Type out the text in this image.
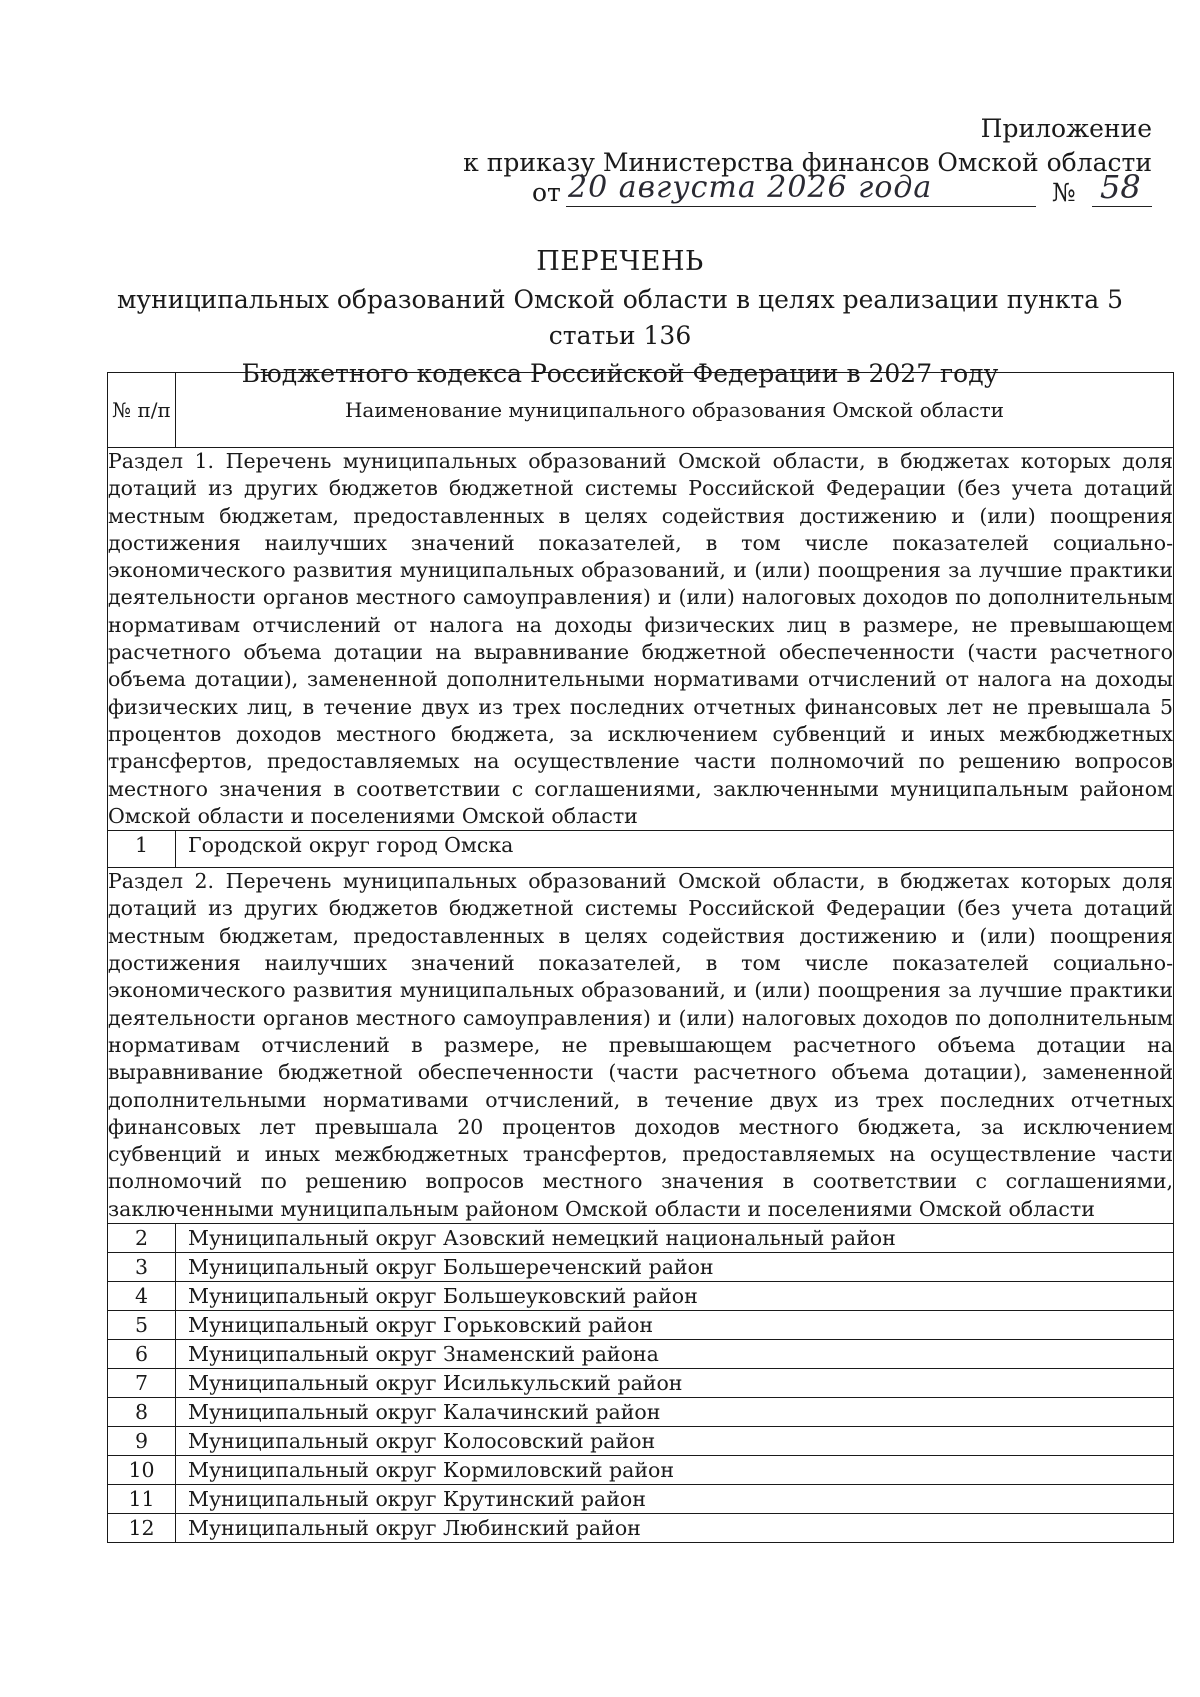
Приложение
к приказу Министерства финансов Омской области
от 20 августа 2026 года	№ 58
ПЕРЕЧЕНЬ
муниципальных образований Омской области в целях реализации пункта 5 статьи 136
Бюджетного кодекса Российской Федерации в 2027 году
№ п/п	Наименование муниципального образования Омской области
Раздел 1. Перечень муниципальных образований Омской области, в бюджетах которых доля дотаций из других бюджетов бюджетной системы Российской Федерации (без учета дотаций местным бюджетам, предоставленных в целях содействия достижению и (или) поощрения достижения наилучших значений показателей, в том числе показателей социально-экономического развития муниципальных образований, и (или) поощрения за лучшие практики деятельности органов местного самоуправления) и (или) налоговых доходов по дополнительным нормативам отчислений от налога на доходы физических лиц в размере, не превышающем расчетного объема дотации на выравнивание бюджетной обеспеченности (части расчетного объема дотации), замененной дополнительными нормативами отчислений от налога на доходы физических лиц, в течение двух из трех последних отчетных финансовых лет не превышала 5 процентов доходов местного бюджета, за исключением субвенций и иных межбюджетных трансфертов, предоставляемых на осуществление части полномочий по решению вопросов местного значения в соответствии с соглашениями, заключенными муниципальным районом Омской области и поселениями Омской области	
1	Городской округ город Омска
Раздел 2. Перечень муниципальных образований Омской области, в бюджетах которых доля дотаций из других бюджетов бюджетной системы Российской Федерации (без учета дотаций местным бюджетам, предоставленных в целях содействия достижению и (или) поощрения достижения наилучших значений показателей, в том числе показателей социально-экономического развития муниципальных образований, и (или) поощрения за лучшие практики деятельности органов местного самоуправления) и (или) налоговых доходов по дополнительным нормативам отчислений в размере, не превышающем расчетного объема дотации на выравнивание бюджетной обеспеченности (части расчетного объема дотации), замененной дополнительными нормативами отчислений, в течение двух из трех последних отчетных финансовых лет превышала 20 процентов доходов местного бюджета, за исключением субвенций и иных межбюджетных трансфертов, предоставляемых на осуществление части полномочий по решению вопросов местного значения в соответствии с соглашениями, заключенными муниципальным районом Омской области и поселениями Омской области	
2	Муниципальный округ Азовский немецкий национальный район
3	Муниципальный округ Большереченский район
4	Муниципальный округ Большеуковский район
5	Муниципальный округ Горьковский район
6	Муниципальный округ Знаменский района
7	Муниципальный округ Исилькульский район
8	Муниципальный округ Калачинский район
9	Муниципальный округ Колосовский район
10	Муниципальный округ Кормиловский район
11	Муниципальный округ Крутинский район
12	Муниципальный округ Любинский район
